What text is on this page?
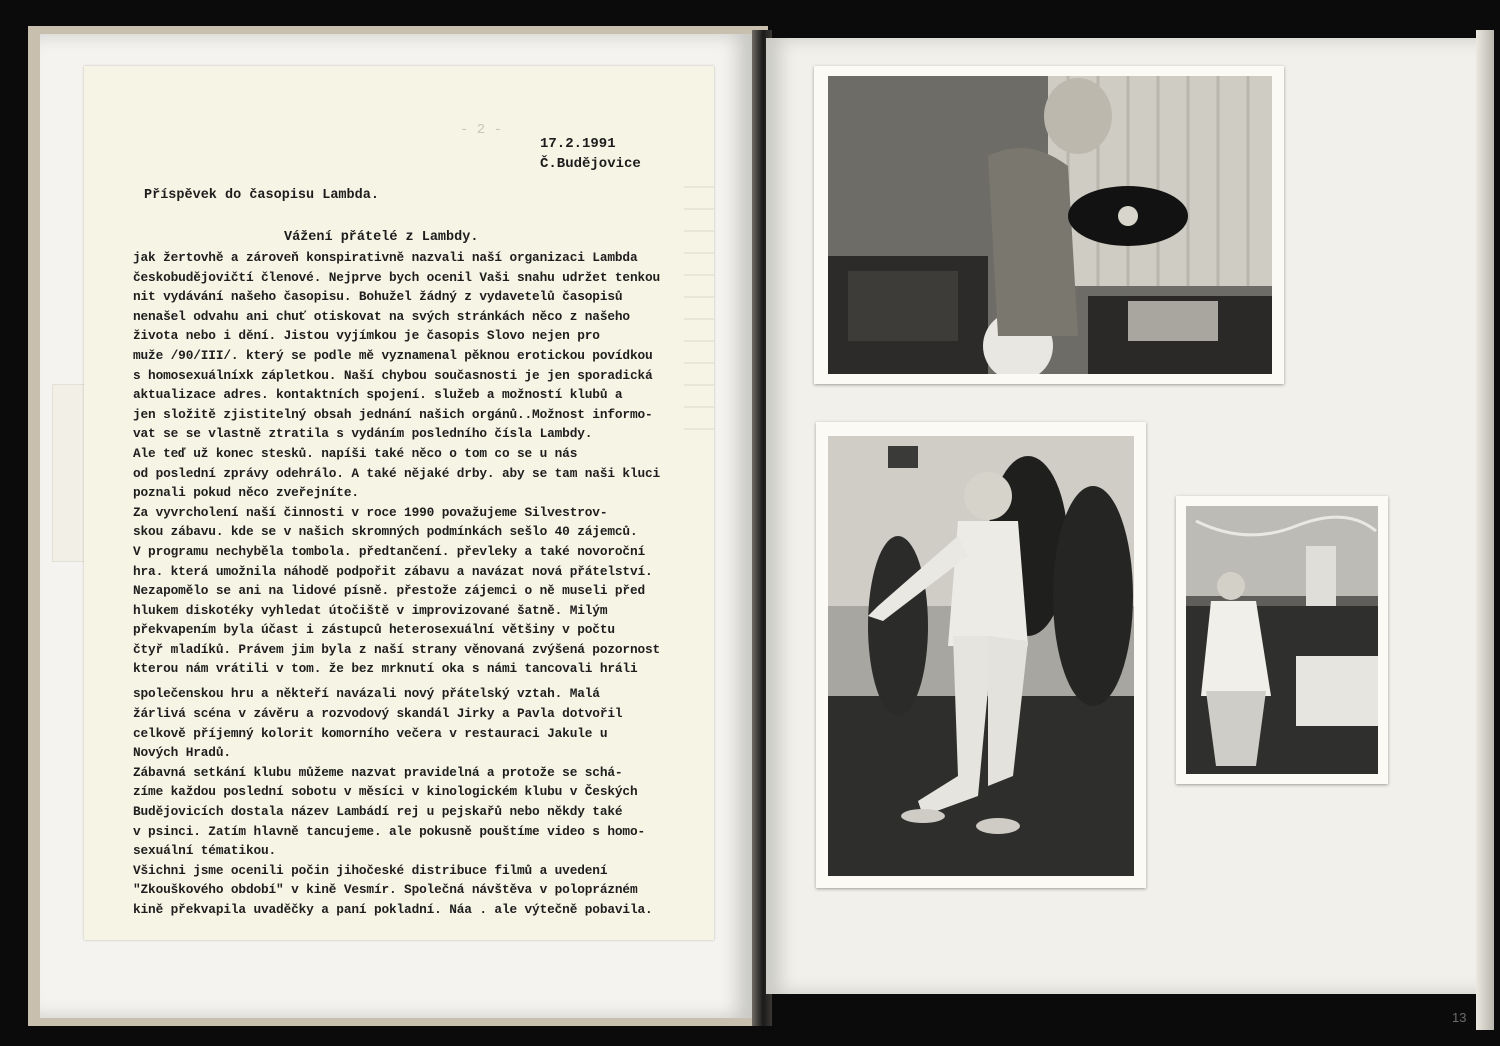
- 2 -
17.2.1991
Č.Budějovice
Příspěvek do časopisu Lambda.
Vážení přátelé z Lambdy.
jak žertovhě a zároveň konspirativně nazvali naší organizaci Lambda
českobudějovičtí členové. Nejprve bych ocenil Vaši snahu udržet tenkou
nit vydávání našeho časopisu. Bohužel žádný z vydavetelů časopisů
nenašel odvahu ani chuť otiskovat na svých stránkách něco z našeho
života nebo i dění. Jistou vyjímkou je časopis Slovo nejen pro
muže /90/III/. který se podle mě vyznamenal pěknou erotickou povídkou
s homosexuálníxk zápletkou. Naší chybou současnosti je jen sporadická
aktualizace adres. kontaktních spojení. služeb a možností klubů a
jen složitě zjistitelný obsah jednání našich orgánů..Možnost informo-
vat se se vlastně ztratila s vydáním posledního čísla Lambdy.
Ale teď už konec stesků. napíši také něco o tom co se u nás
od poslední zprávy odehrálo. A také nějaké drby. aby se tam naši kluci
poznali pokud něco zveřejníte.
Za vyvrcholení naší činnosti v roce 1990 považujeme Silvestrov-
skou zábavu. kde se v našich skromných podmínkách sešlo 40 zájemců.
V programu nechyběla tombola. předtančení. převleky a také novoroční
hra. která umožnila náhodě podpořit zábavu a navázat nová přátelství.
Nezapomělo se ani na lidové písně. přestože zájemci o ně museli před
hlukem diskotéky vyhledat útočiště v improvizované šatně. Milým
překvapením byla účast i zástupců heterosexuální většiny v počtu
čtyř mladíků. Právem jim byla z naší strany věnovaná zvýšená pozornost
kterou nám vrátili v tom. že bez mrknutí oka s námi tancovali hráli
společenskou hru a někteří navázali nový přátelský vztah. Malá
žárlivá scéna v závěru a rozvodový skandál Jirky a Pavla dotvořil
celkově příjemný kolorit komorního večera v restauraci Jakule u
Nových Hradů.
Zábavná setkání klubu můžeme nazvat pravidelná a protože se schá-
zíme každou poslední sobotu v měsíci v kinologickém klubu v Českých
Budějovicích dostala název Lambádí rej u pejskařů nebo někdy také
v psinci. Zatím hlavně tancujeme. ale pokusně pouštíme video s homo-
sexuální tématikou.
Všichni jsme ocenili počin jihočeské distribuce filmů a uvedení
"Zkouškového období" v kině Vesmír. Společná návštěva v poloprázném
kině překvapila uvaděčky a paní pokladní. Náa . ale výtečně pobavila.
13
